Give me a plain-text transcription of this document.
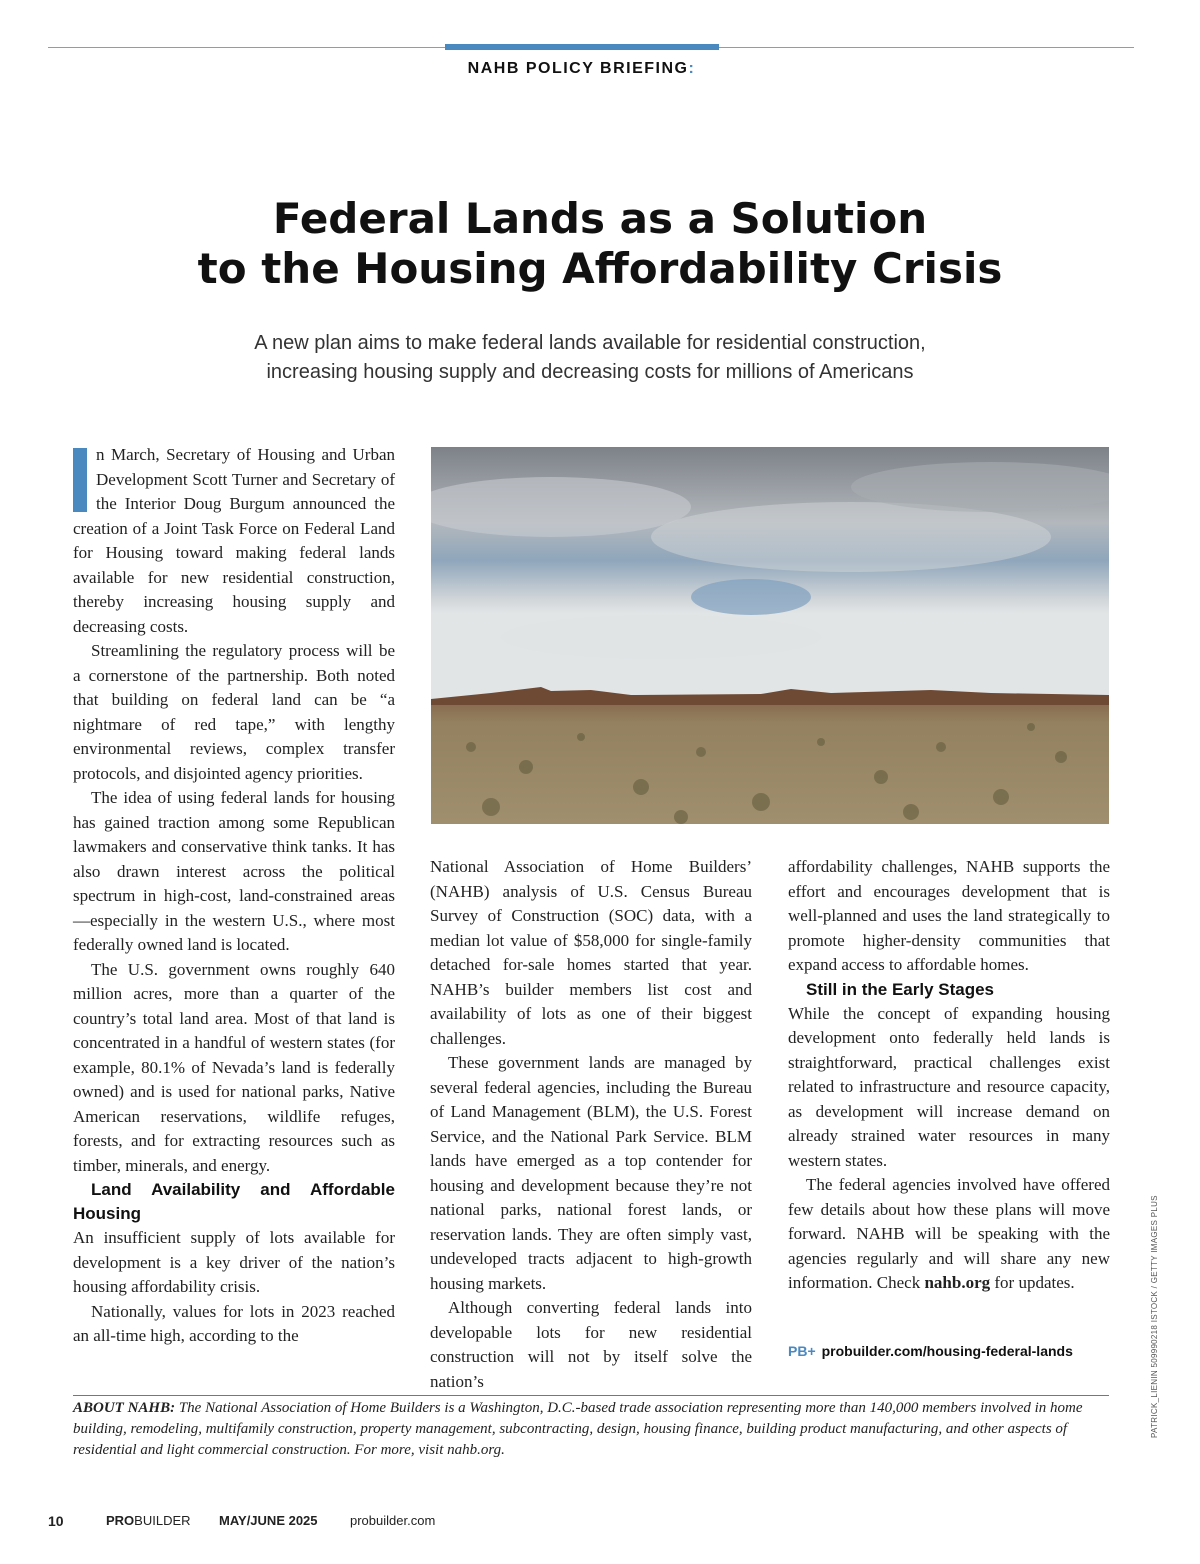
NAHB POLICY BRIEFING:
Federal Lands as a Solution
to the Housing Affordability Crisis
A new plan aims to make federal lands available for residential construction,
increasing housing supply and decreasing costs for millions of Americans

n March, Secretary of Housing and Urban Development Scott Turner and Secretary of the Interior Doug Burgum announced the creation of a Joint Task Force on Federal Land for Housing toward making federal lands available for new residential construction, thereby increasing housing supply and decreasing costs.

Streamlining the regulatory process will be a cornerstone of the partnership. Both noted that building on federal land can be “a nightmare of red tape,” with lengthy environmental reviews, complex transfer protocols, and disjointed agency priorities.

The idea of using federal lands for housing has gained traction among some Republican lawmakers and conservative think tanks. It has also drawn interest across the political spectrum in high-cost, land-constrained areas—especially in the western U.S., where most federally owned land is located.

The U.S. government owns roughly 640 million acres, more than a quarter of the country’s total land area. Most of that land is concentrated in a handful of western states (for example, 80.1% of Nevada’s land is federally owned) and is used for national parks, Native American reservations, wildlife refuges, forests, and for extracting resources such as timber, minerals, and energy.

Land Availability and Affordable Housing

An insufficient supply of lots available for development is a key driver of the nation’s housing affordability crisis.

Nationally, values for lots in 2023 reached an all-time high, according to the

National Association of Home Builders’ (NAHB) analysis of U.S. Census Bureau Survey of Construction (SOC) data, with a median lot value of $58,000 for single-family detached for-sale homes started that year. NAHB’s builder members list cost and availability of lots as one of their biggest challenges.

These government lands are managed by several federal agencies, including the Bureau of Land Management (BLM), the U.S. Forest Service, and the National Park Service. BLM lands have emerged as a top contender for housing and development because they’re not national parks, national forest lands, or reservation lands. They are often simply vast, undeveloped tracts adjacent to high-growth housing markets.

Although converting federal lands into developable lots for new residential construction will not by itself solve the nation’s

affordability challenges, NAHB supports the effort and encourages development that is well-planned and uses the land strategically to promote higher-density communities that expand access to affordable homes.

Still in the Early Stages

While the concept of expanding housing development onto federally held lands is straightforward, practical challenges exist related to infrastructure and resource capacity, as development will increase demand on already strained water resources in many western states.

The federal agencies involved have offered few details about how these plans will move forward. NAHB will be speaking with the agencies regularly and will share any new information. Check nahb.org for updates.

PB+ probuilder.com/housing-federal-lands	PATRICK_LIENIN 509990218 ISTOCK / GETTY IMAGES PLUS
ABOUT NAHB: The National Association of Home Builders is a Washington, D.C.-based trade association representing more than 140,000 members involved in home building, remodeling, multifamily construction, property management, subcontracting, design, housing finance, building product manufacturing, and other aspects of residential and light commercial construction. For more, visit nahb.org.
10	PROBUILDER MAY/JUNE 2025 probuilder.com
